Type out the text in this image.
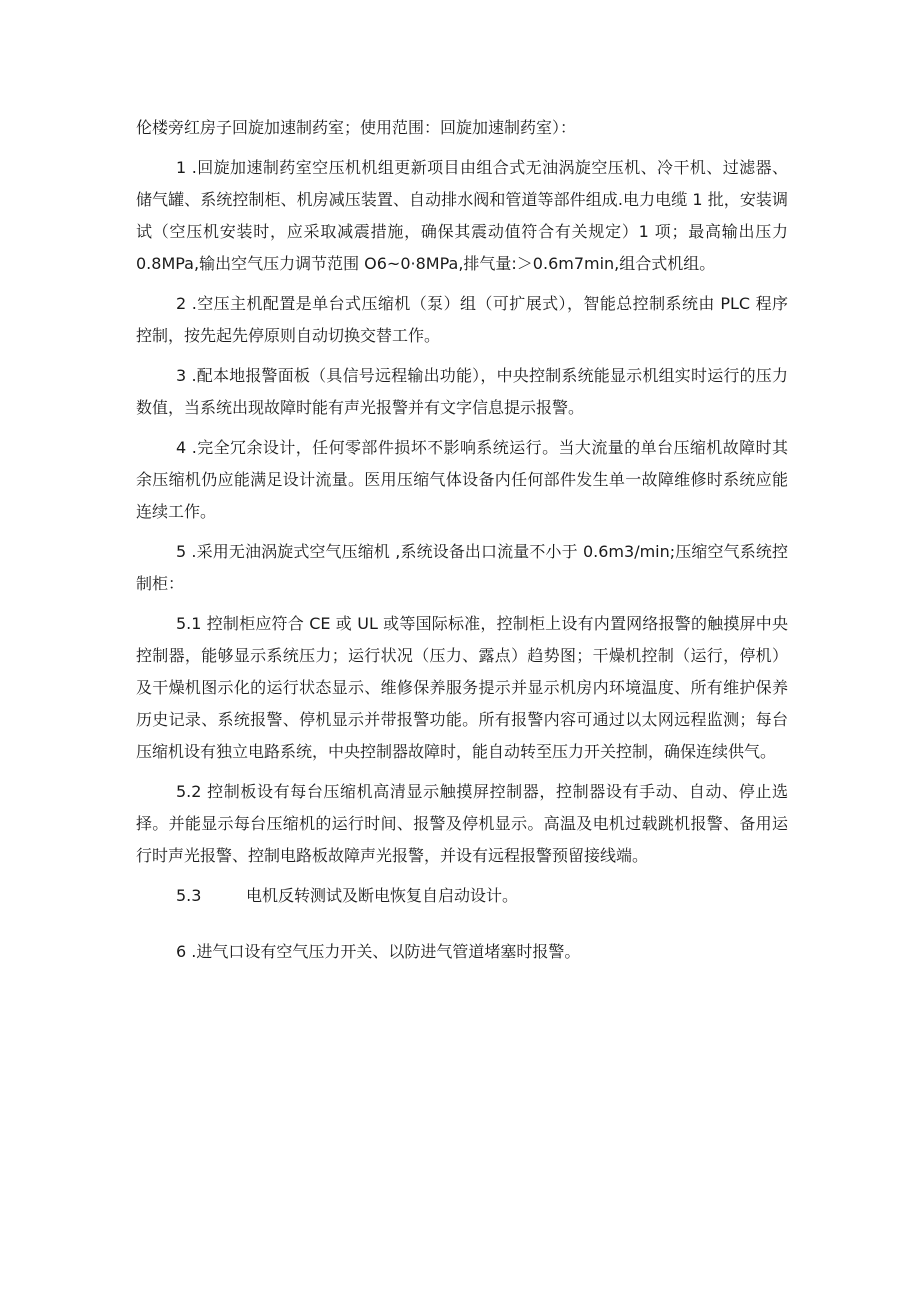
伦楼旁红房子回旋加速制药室；使用范围：回旋加速制药室）：

1 .回旋加速制药室空压机机组更新项目由组合式无油涡旋空压机、冷干机、过滤器、储气罐、系统控制柜、机房减压装置、自动排水阀和管道等部件组成.电力电缆 1 批，安装调试（空压机安装时，应采取减震措施，确保其震动值符合有关规定）1 项；最高输出压力 0.8MPa,输出空气压力调节范围 O6~0·8MPa,排气量:＞0.6m7min,组合式机组。

2 .空压主机配置是单台式压缩机（泵）组（可扩展式），智能总控制系统由 PLC 程序控制，按先起先停原则自动切换交替工作。

3 .配本地报警面板（具信号远程输出功能），中央控制系统能显示机组实时运行的压力数值，当系统出现故障时能有声光报警并有文字信息提示报警。

4 .完全冗余设计，任何零部件损坏不影响系统运行。当大流量的单台压缩机故障时其余压缩机仍应能满足设计流量。医用压缩气体设备内任何部件发生单一故障维修时系统应能连续工作。

5 .采用无油涡旋式空气压缩机 ,系统设备出口流量不小于 0.6m3/min;压缩空气系统控制柜：

5.1 控制柜应符合 CE 或 UL 或等国际标准，控制柜上设有内置网络报警的触摸屏中央控制器，能够显示系统压力；运行状况（压力、露点）趋势图；干燥机控制（运行，停机）及干燥机图示化的运行状态显示、维修保养服务提示并显示机房内环境温度、所有维护保养历史记录、系统报警、停机显示并带报警功能。所有报警内容可通过以太网远程监测；每台压缩机设有独立电路系统，中央控制器故障时，能自动转至压力开关控制，确保连续供气。

5.2 控制板设有每台压缩机高清显示触摸屏控制器，控制器设有手动、自动、停止选择。并能显示每台压缩机的运行时间、报警及停机显示。高温及电机过载跳机报警、备用运行时声光报警、控制电路板故障声光报警，并设有远程报警预留接线端。

5.3	电机反转测试及断电恢复自启动设计。

6 .进气口设有空气压力开关、以防进气管道堵塞时报警。
